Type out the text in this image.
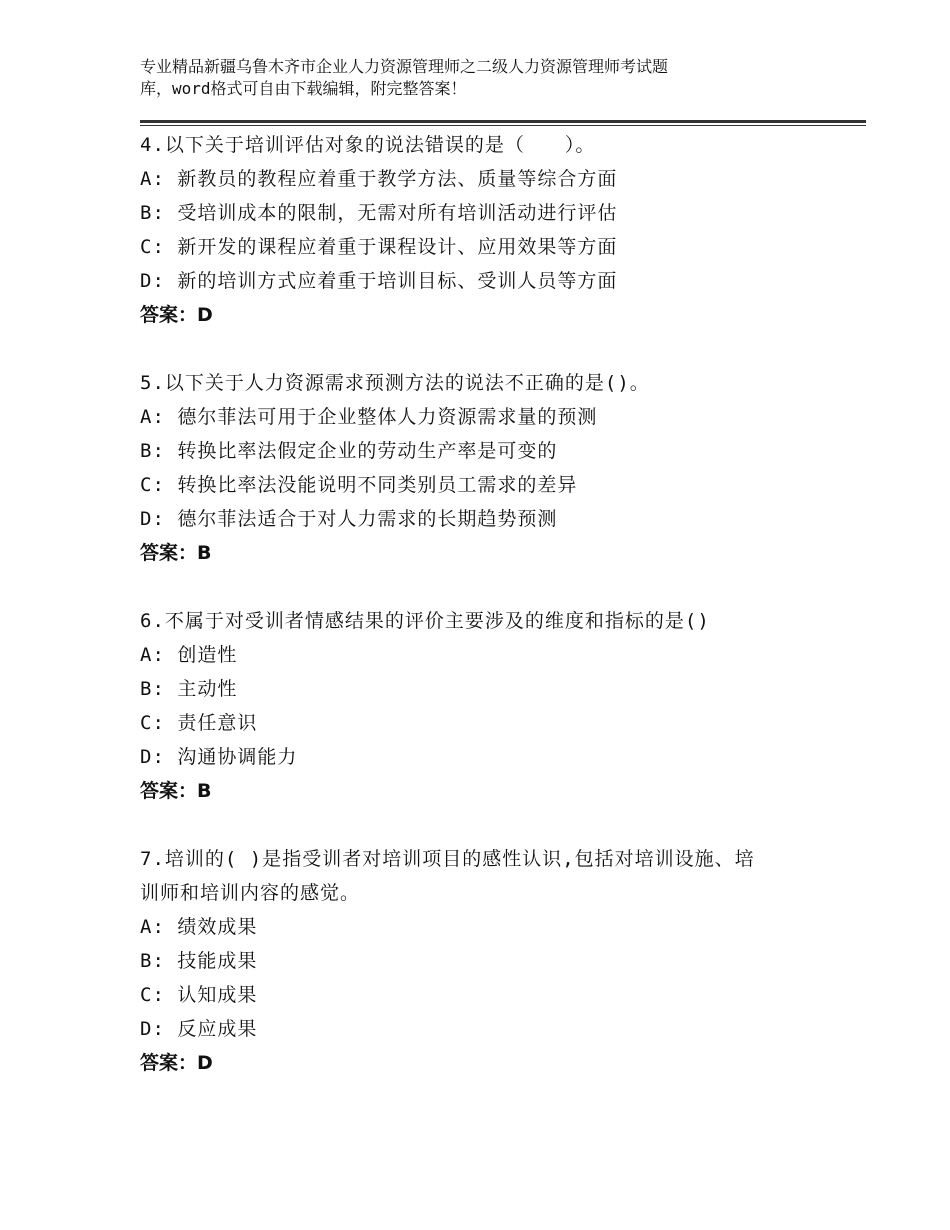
专业精品新疆乌鲁木齐市企业人力资源管理师之二级人力资源管理师考试题
库，word格式可自由下载编辑，附完整答案！
4.以下关于培训评估对象的说法错误的是（　　）。
A: 新教员的教程应着重于教学方法、质量等综合方面
B: 受培训成本的限制，无需对所有培训活动进行评估
C: 新开发的课程应着重于课程设计、应用效果等方面
D: 新的培训方式应着重于培训目标、受训人员等方面
答案：D
5.以下关于人力资源需求预测方法的说法不正确的是()。
A: 德尔菲法可用于企业整体人力资源需求量的预测
B: 转换比率法假定企业的劳动生产率是可变的
C: 转换比率法没能说明不同类别员工需求的差异
D: 德尔菲法适合于对人力需求的长期趋势预测
答案：B
6.不属于对受训者情感结果的评价主要涉及的维度和指标的是()
A: 创造性
B: 主动性
C: 责任意识
D: 沟通协调能力
答案：B
7.培训的( )是指受训者对培训项目的感性认识,包括对培训设施、培
训师和培训内容的感觉。
A: 绩效成果
B: 技能成果
C: 认知成果
D: 反应成果
答案：D
